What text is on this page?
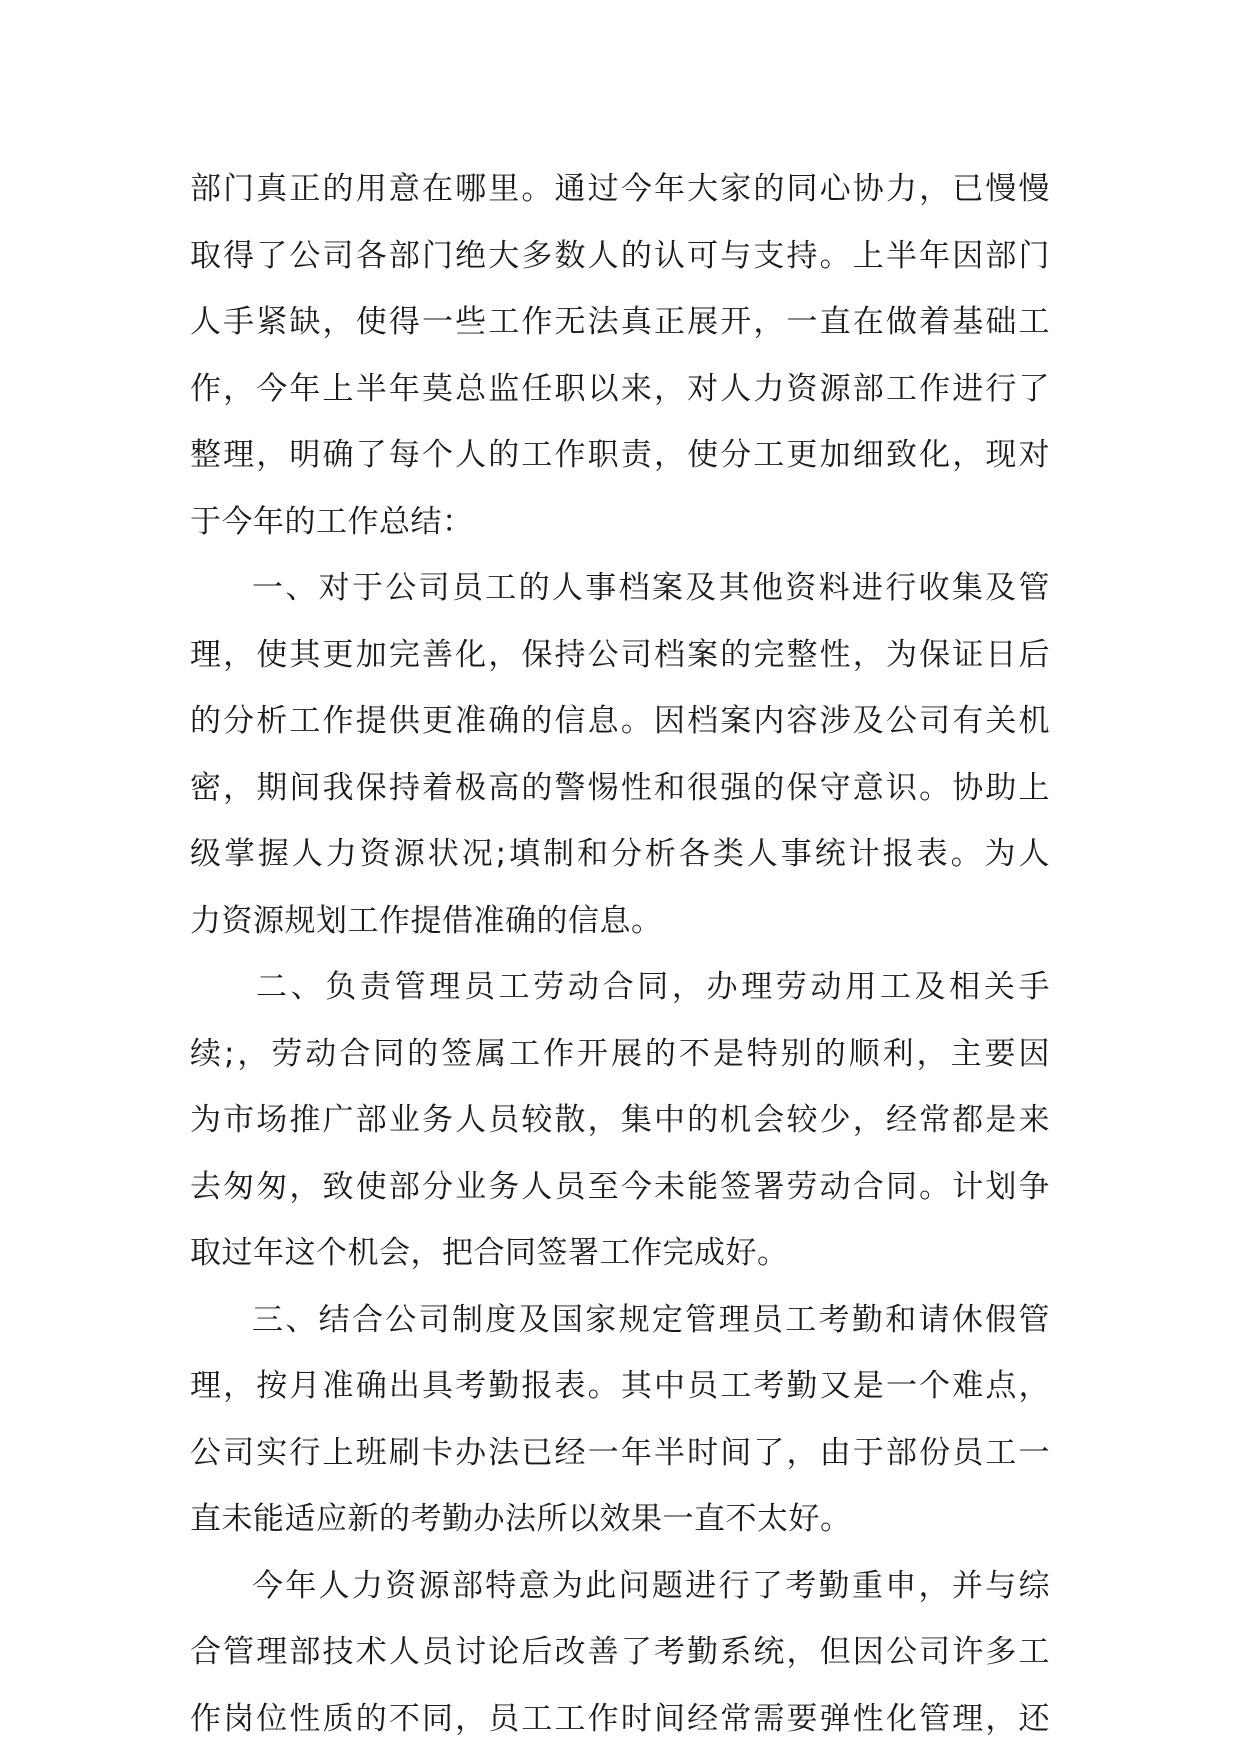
部门真正的用意在哪里。通过今年大家的同心协力，已慢慢
取得了公司各部门绝大多数人的认可与支持。上半年因部门
人手紧缺，使得一些工作无法真正展开，一直在做着基础工
作，今年上半年莫总监任职以来，对人力资源部工作进行了
整理，明确了每个人的工作职责，使分工更加细致化，现对
于今年的工作总结：
一、对于公司员工的人事档案及其他资料进行收集及管
理，使其更加完善化，保持公司档案的完整性，为保证日后
的分析工作提供更准确的信息。因档案内容涉及公司有关机
密，期间我保持着极高的警惕性和很强的保守意识。协助上
级掌握人力资源状况;填制和分析各类人事统计报表。为人
力资源规划工作提借准确的信息。
二、负责管理员工劳动合同，办理劳动用工及相关手
续;，劳动合同的签属工作开展的不是特别的顺利，主要因
为市场推广部业务人员较散，集中的机会较少，经常都是来
去匆匆，致使部分业务人员至今未能签署劳动合同。计划争
取过年这个机会，把合同签署工作完成好。
三、结合公司制度及国家规定管理员工考勤和请休假管
理，按月准确出具考勤报表。其中员工考勤又是一个难点，
公司实行上班刷卡办法已经一年半时间了，由于部份员工一
直未能适应新的考勤办法所以效果一直不太好。
今年人力资源部特意为此问题进行了考勤重申，并与综
合管理部技术人员讨论后改善了考勤系统，但因公司许多工
作岗位性质的不同，员工工作时间经常需要弹性化管理，还
